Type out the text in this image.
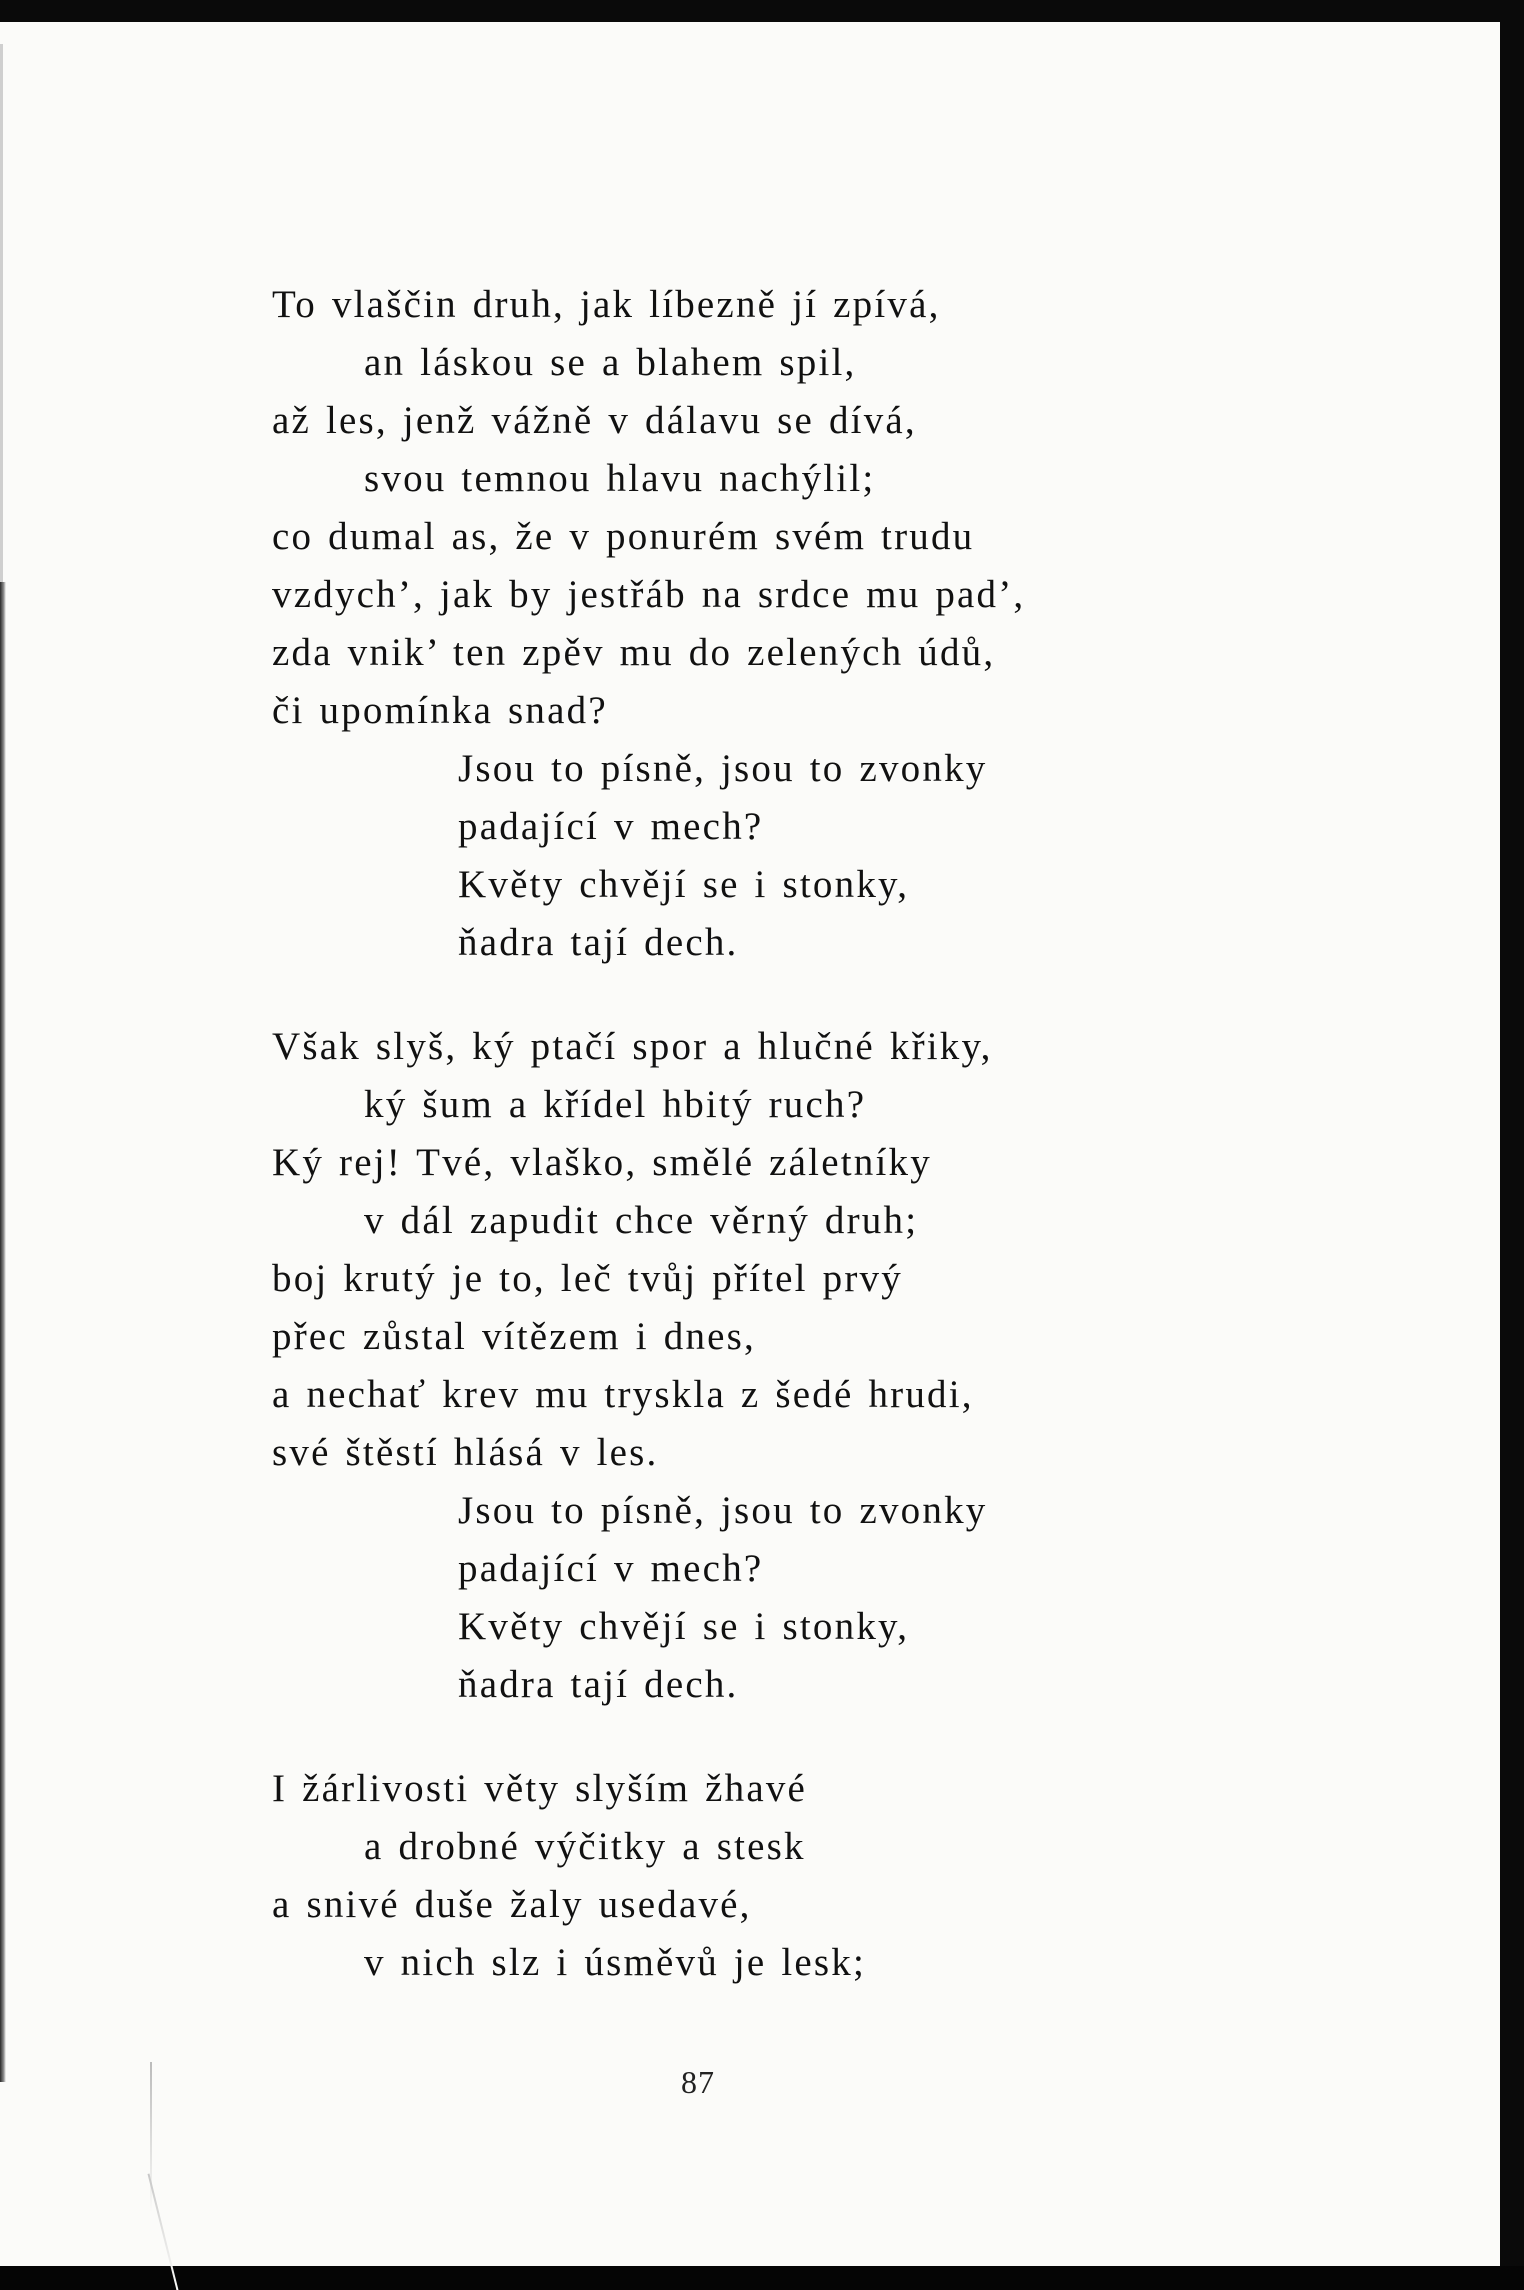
To vlaščin druh, jak líbezně jí zpívá,
an láskou se a blahem spil,
až les, jenž vážně v dálavu se dívá,
svou temnou hlavu nachýlil;
co dumal as, že v ponurém svém trudu
vzdych’, jak by jestřáb na srdce mu pad’,
zda vnik’ ten zpěv mu do zelených údů,
či upomínka snad?
Jsou to písně, jsou to zvonky
padající v mech?
Květy chvějí se i stonky,
ňadra tají dech.
Však slyš, ký ptačí spor a hlučné křiky,
ký šum a křídel hbitý ruch?
Ký rej! Tvé, vlaško, smělé záletníky
v dál zapudit chce věrný druh;
boj krutý je to, leč tvůj přítel prvý
přec zůstal vítězem i dnes,
a nechať krev mu tryskla z šedé hrudi,
své štěstí hlásá v les.
Jsou to písně, jsou to zvonky
padající v mech?
Květy chvějí se i stonky,
ňadra tají dech.
I žárlivosti věty slyším žhavé
a drobné výčitky a stesk
a snivé duše žaly usedavé,
v nich slz i úsměvů je lesk;
87
